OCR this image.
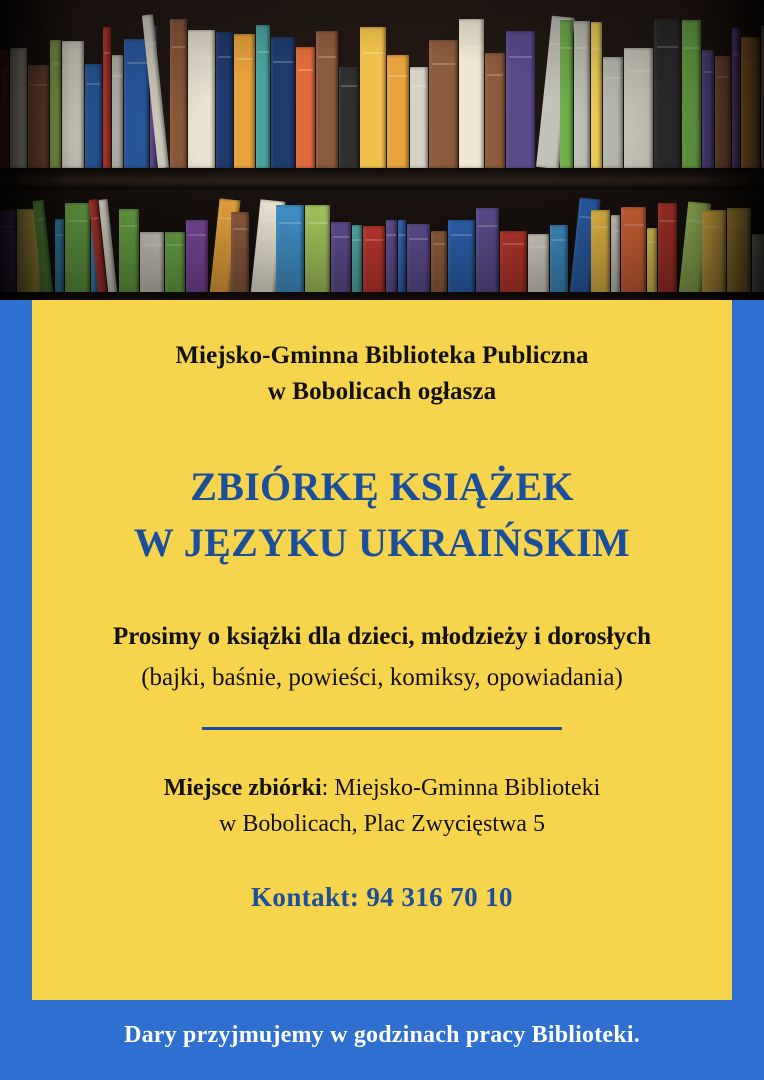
Miejsko-Gminna Biblioteka Publiczna
w Bobolicach ogłasza
ZBIÓRKĘ KSIĄŻEK
W JĘZYKU UKRAIŃSKIM
Prosimy o książki dla dzieci, młodzieży i dorosłych
(bajki, baśnie, powieści, komiksy, opowiadania)
Miejsce zbiórki: Miejsko-Gminna Biblioteki
w Bobolicach, Plac Zwycięstwa 5
Kontakt: 94 316 70 10
Dary przyjmujemy w godzinach pracy Biblioteki.
